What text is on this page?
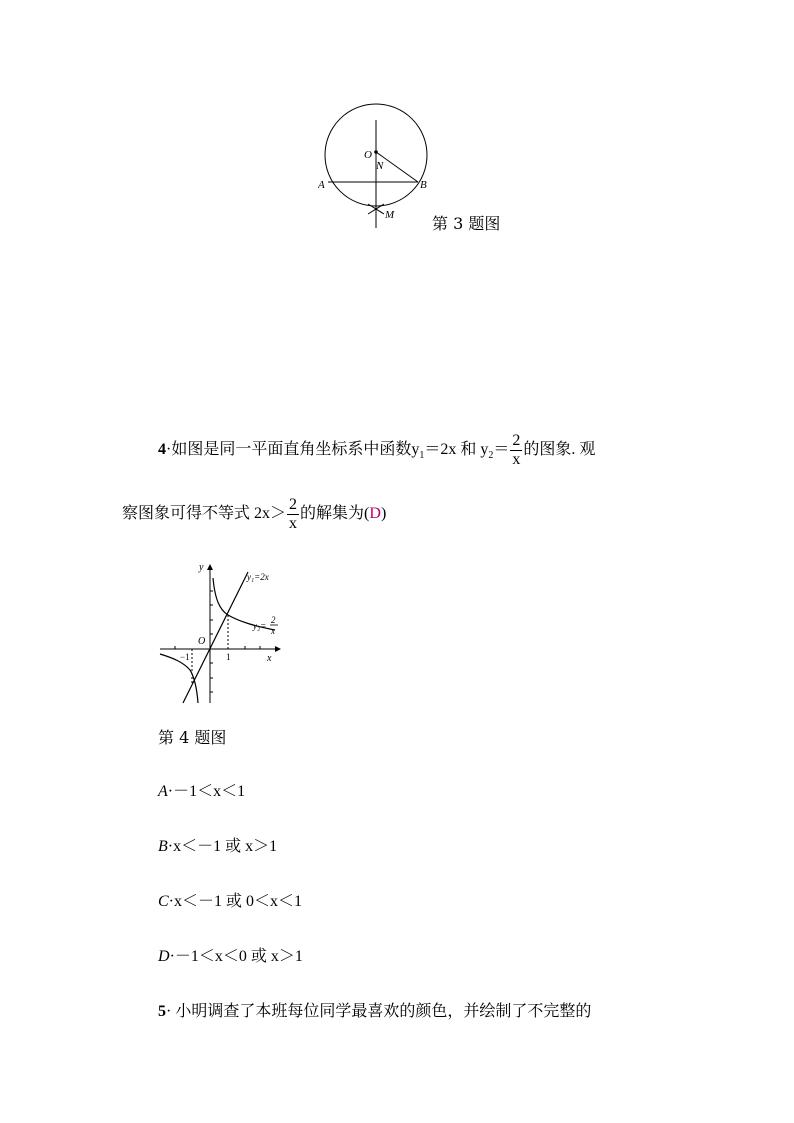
O
N
A	B
M 第 3 题图
4·如图是同一平面直角坐标系中函数$y_1=2x$ 和 $y_2= \frac{2}{x}$ 的图象. 观
察图象可得不等式 $2x> \frac{2}{x}$ 的解集为(D)
y
x
O
−1	1
y₁=2x
y₂=
2
x
第 4 题图
A·－1＜x＜1
B·x＜－1 或 x＞1
C·x＜－1 或 0＜x＜1
D·－1＜x＜0 或 x＞1
5· 小明调查了本班每位同学最喜欢的颜色，并绘制了不完整的
